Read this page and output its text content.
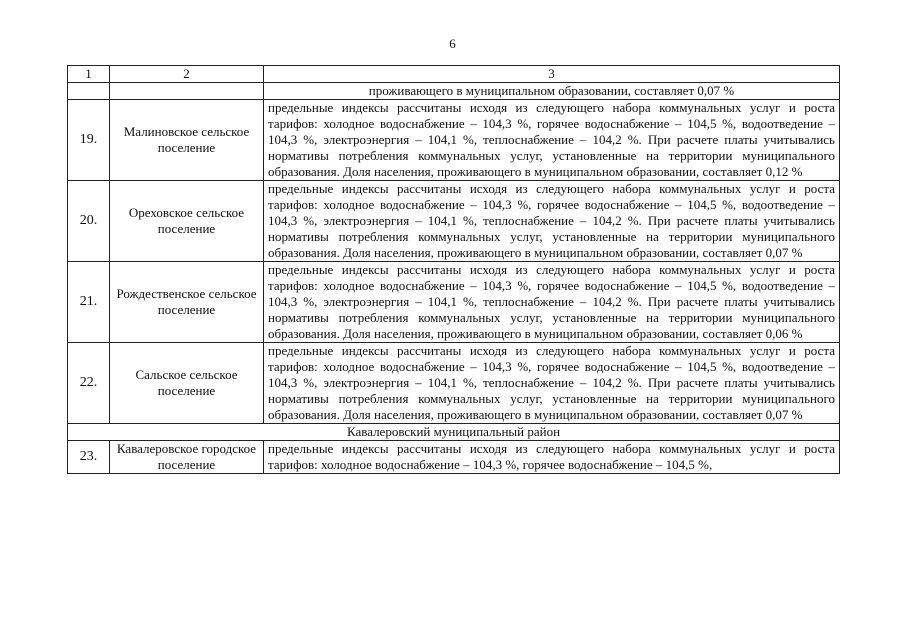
6
1	2	3
		проживающего в муниципальном образовании, составляет 0,07 %
19.	Малиновское сельское поселение	предельные индексы рассчитаны исходя из следующего набора коммунальных услуг и роста тарифов: холодное водоснабжение – 104,3 %, горячее водоснабжение – 104,5 %, водоотведение – 104,3 %, электроэнергия – 104,1 %, теплоснабжение – 104,2 %. При расчете платы учитывались нормативы потребления коммунальных услуг, установленные на территории муниципального образования. Доля населения, проживающего в муниципальном образовании, составляет 0,12 %
20.	Ореховское сельское поселение	предельные индексы рассчитаны исходя из следующего набора коммунальных услуг и роста тарифов: холодное водоснабжение – 104,3 %, горячее водоснабжение – 104,5 %, водоотведение – 104,3 %, электроэнергия – 104,1 %, теплоснабжение – 104,2 %. При расчете платы учитывались нормативы потребления коммунальных услуг, установленные на территории муниципального образования. Доля населения, проживающего в муниципальном образовании, составляет 0,07 %
21.	Рождественское сельское поселение	предельные индексы рассчитаны исходя из следующего набора коммунальных услуг и роста тарифов: холодное водоснабжение – 104,3 %, горячее водоснабжение – 104,5 %, водоотведение – 104,3 %, электроэнергия – 104,1 %, теплоснабжение – 104,2 %. При расчете платы учитывались нормативы потребления коммунальных услуг, установленные на территории муниципального образования. Доля населения, проживающего в муниципальном образовании, составляет 0,06 %
22.	Сальское сельское поселение	предельные индексы рассчитаны исходя из следующего набора коммунальных услуг и роста тарифов: холодное водоснабжение – 104,3 %, горячее водоснабжение – 104,5 %, водоотведение – 104,3 %, электроэнергия – 104,1 %, теплоснабжение – 104,2 %. При расчете платы учитывались нормативы потребления коммунальных услуг, установленные на территории муниципального образования. Доля населения, проживающего в муниципальном образовании, составляет 0,07 %
Кавалеровский муниципальный район		
23.	Кавалеровское городское поселение	предельные индексы рассчитаны исходя из следующего набора коммунальных услуг и роста тарифов: холодное водоснабжение – 104,3 %, горячее водоснабжение – 104,5 %,
